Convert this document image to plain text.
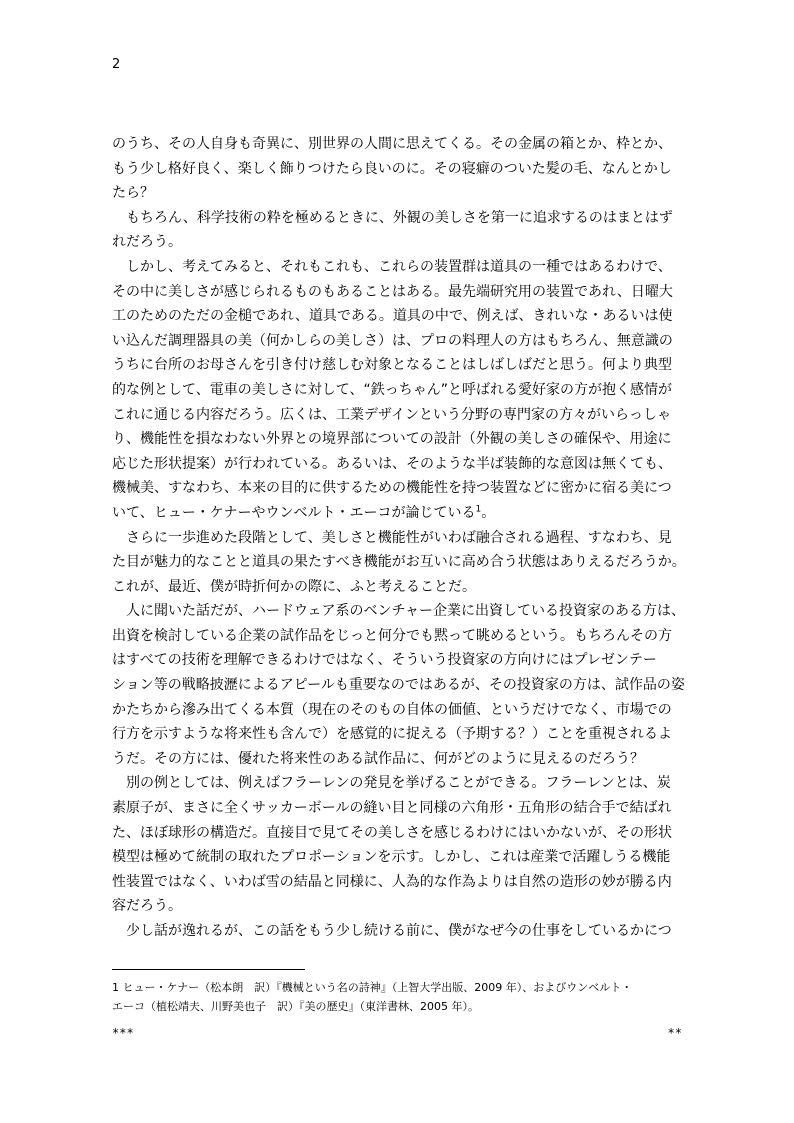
2
のうち、その人自身も奇異に、別世界の人間に思えてくる。その金属の箱とか、枠とか、
もう少し格好良く、楽しく飾りつけたら良いのに。その寝癖のついた髪の毛、なんとかし
たら？
もちろん、科学技術の粋を極めるときに、外観の美しさを第一に追求するのはまとはず
れだろう。
しかし、考えてみると、それもこれも、これらの装置群は道具の一種ではあるわけで、
その中に美しさが感じられるものもあることはある。最先端研究用の装置であれ、日曜大
工のためのただの金槌であれ、道具である。道具の中で、例えば、きれいな・あるいは使
い込んだ調理器具の美（何かしらの美しさ）は、プロの料理人の方はもちろん、無意識の
うちに台所のお母さんを引き付け慈しむ対象となることはしばしばだと思う。何より典型
的な例として、電車の美しさに対して、“鉄っちゃん”と呼ばれる愛好家の方が抱く感情が
これに通じる内容だろう。広くは、工業デザインという分野の専門家の方々がいらっしゃ
り、機能性を損なわない外界との境界部についての設計（外観の美しさの確保や、用途に
応じた形状提案）が行われている。あるいは、そのような半ば装飾的な意図は無くても、
機械美、すなわち、本来の目的に供するための機能性を持つ装置などに密かに宿る美につ
いて、ヒュー・ケナーやウンベルト・エーコが論じている$^1$。
さらに一歩進めた段階として、美しさと機能性がいわば融合される過程、すなわち、見
た目が魅力的なことと道具の果たすべき機能がお互いに高め合う状態はありえるだろうか。
これが、最近、僕が時折何かの際に、ふと考えることだ。
人に聞いた話だが、ハードウェア系のベンチャー企業に出資している投資家のある方は、
出資を検討している企業の試作品をじっと何分でも黙って眺めるという。もちろんその方
はすべての技術を理解できるわけではなく、そういう投資家の方向けにはプレゼンテー
ション等の戦略披瀝によるアピールも重要なのではあるが、その投資家の方は、試作品の姿
かたちから滲み出てくる本質（現在のそのもの自体の価値、というだけでなく、市場での
行方を示すような将来性も含んで）を感覚的に捉える（予期する？）ことを重視されるよ
うだ。その方には、優れた将来性のある試作品に、何がどのように見えるのだろう？
別の例としては、例えばフラーレンの発見を挙げることができる。フラーレンとは、炭
素原子が、まさに全くサッカーボールの縫い目と同様の六角形・五角形の結合手で結ばれ
た、ほぼ球形の構造だ。直接目で見てその美しさを感じるわけにはいかないが、その形状
模型は極めて統制の取れたプロポーションを示す。しかし、これは産業で活躍しうる機能
性装置ではなく、いわば雪の結晶と同様に、人為的な作為よりは自然の造形の妙が勝る内
容だろう。
少し話が逸れるが、この話をもう少し続ける前に、僕がなぜ今の仕事をしているかにつ
1 ヒュー・ケナー（松本朗　訳）『機械という名の詩神』（上智大学出版、2009 年）、およびウンベルト・
エーコ（植松靖夫、川野美也子　訳）『美の歴史』（東洋書林、2005 年）。
***	**
